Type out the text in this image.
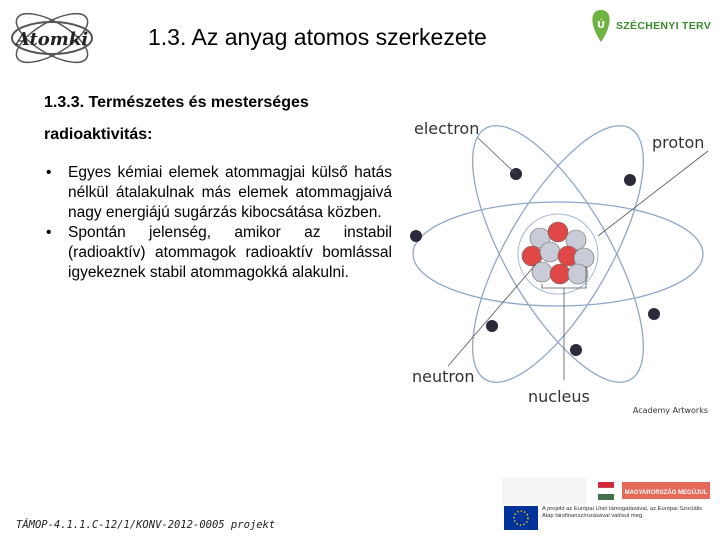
Atomki	1.3. Az anyag atomos szerkezete	Ú SZÉCHENYI TERV
1.3.3. Természetes és mesterséges
radioaktivitás:
• Egyes kémiai elemek atommagjai külső hatás nélkül átalakulnak más elemek atommagjaivá nagy energiájú sugárzás kibocsátása közben.
• Spontán jelenség, amikor az instabil (radioaktív) atommagok radioaktív bomlással igyekeznek stabil atommagokká alakulni.
electron
proton
neutron
nucleus
Academy Artworks
TÁMOP-4.1.1.C-12/1/KONV-2012-0005 projekt
MAGYARORSZÁG MEGÚJUL
A projekt az Európai Unió támogatásával, az Európai Szociális Alap társfinanszírozásával valósul meg.
